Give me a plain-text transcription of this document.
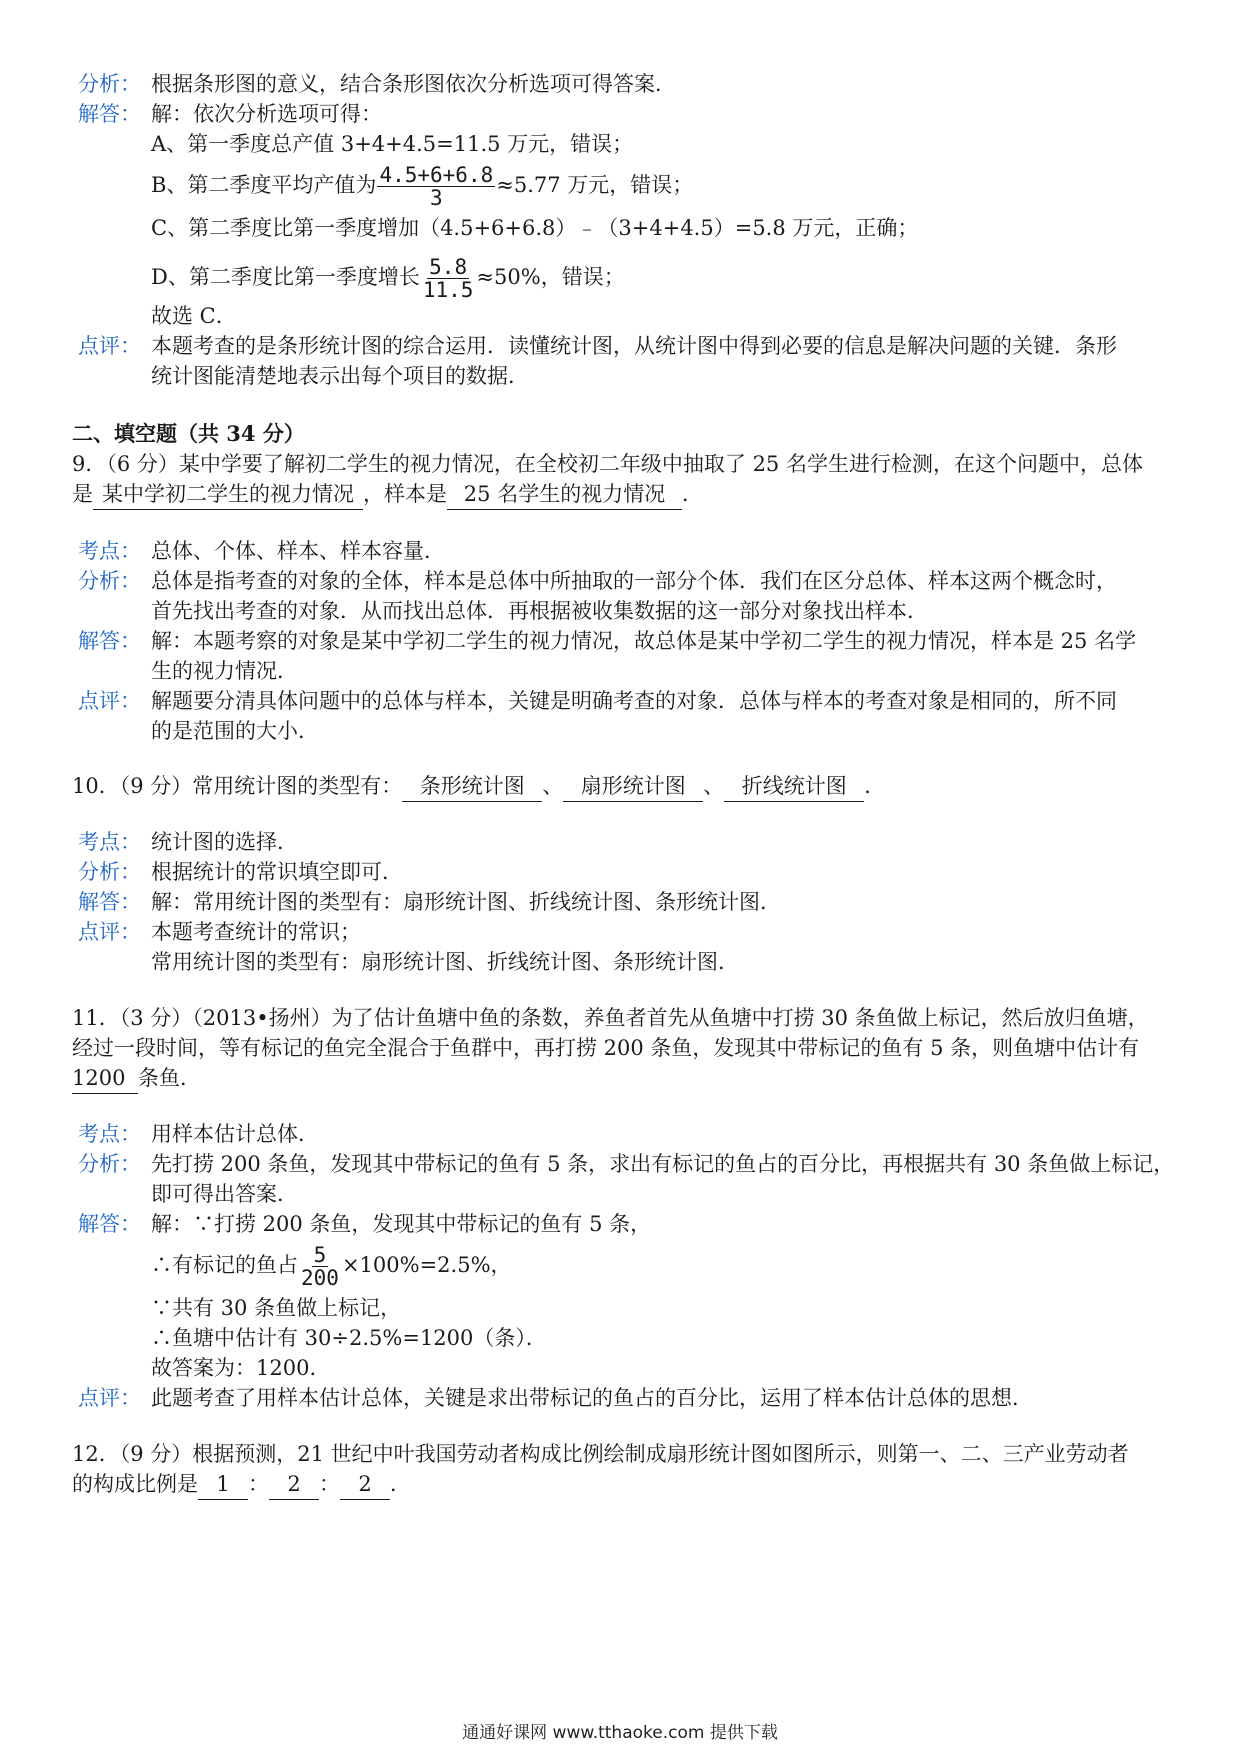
分析： 根据条形图的意义，结合条形图依次分析选项可得答案．
解答： 解：依次分析选项可得：
A、第一季度总产值 3+4+4.5=11.5 万元，错误；
B、第二季度平均产值为 $\frac{4.5+6+6.8}{3} \approx 5.77$ 万元，错误；
C、第二季度比第一季度增加（4.5+6+6.8）﹣（3+4+4.5）=5.8 万元，正确；
D、第二季度比第一季度增长 $\frac{5.8}{11.5} \approx 50\%$，错误；
故选 C．
点评： 本题考查的是条形统计图的综合运用．读懂统计图，从统计图中得到必要的信息是解决问题的关键．条形
统计图能清楚地表示出每个项目的数据．
二、填空题（共 34 分）
9．（6 分）某中学要了解初二学生的视力情况，在全校初二年级中抽取了 25 名学生进行检测，在这个问题中，总体
是 某中学初二学生的视力情况 ，样本是 25 名学生的视力情况 ．
考点： 总体、个体、样本、样本容量．
分析： 总体是指考查的对象的全体，样本是总体中所抽取的一部分个体．我们在区分总体、样本这两个概念时，
首先找出考查的对象．从而找出总体．再根据被收集数据的这一部分对象找出样本．
解答： 解：本题考察的对象是某中学初二学生的视力情况，故总体是某中学初二学生的视力情况，样本是 25 名学
生的视力情况．
点评： 解题要分清具体问题中的总体与样本，关键是明确考查的对象．总体与样本的考查对象是相同的，所不同
的是范围的大小．
10．（9 分）常用统计图的类型有： 条形统计图 、 扇形统计图 、 折线统计图 ．
考点： 统计图的选择．
分析： 根据统计的常识填空即可．
解答： 解：常用统计图的类型有：扇形统计图、折线统计图、条形统计图．
点评： 本题考查统计的常识；
常用统计图的类型有：扇形统计图、折线统计图、条形统计图．
11．（3 分）（2013•扬州）为了估计鱼塘中鱼的条数，养鱼者首先从鱼塘中打捞 30 条鱼做上标记，然后放归鱼塘，
经过一段时间，等有标记的鱼完全混合于鱼群中，再打捞 200 条鱼，发现其中带标记的鱼有 5 条，则鱼塘中估计有
1200 条鱼．
考点： 用样本估计总体．
分析： 先打捞 200 条鱼，发现其中带标记的鱼有 5 条，求出有标记的鱼占的百分比，再根据共有 30 条鱼做上标记，
即可得出答案．
解答： 解：∵打捞 200 条鱼，发现其中带标记的鱼有 5 条，
∴有标记的鱼占 $\frac{5}{200} \times 100\%=2.5\%$，
∵共有 30 条鱼做上标记，
∴鱼塘中估计有 30÷2.5%=1200（条）．
故答案为：1200．
点评： 此题考查了用样本估计总体，关键是求出带标记的鱼占的百分比，运用了样本估计总体的思想．
12．（9 分）根据预测，21 世纪中叶我国劳动者构成比例绘制成扇形统计图如图所示，则第一、二、三产业劳动者
的构成比例是 1 ： 2 ： 2 ．
通通好课网 www.tthaoke.com 提供下载
